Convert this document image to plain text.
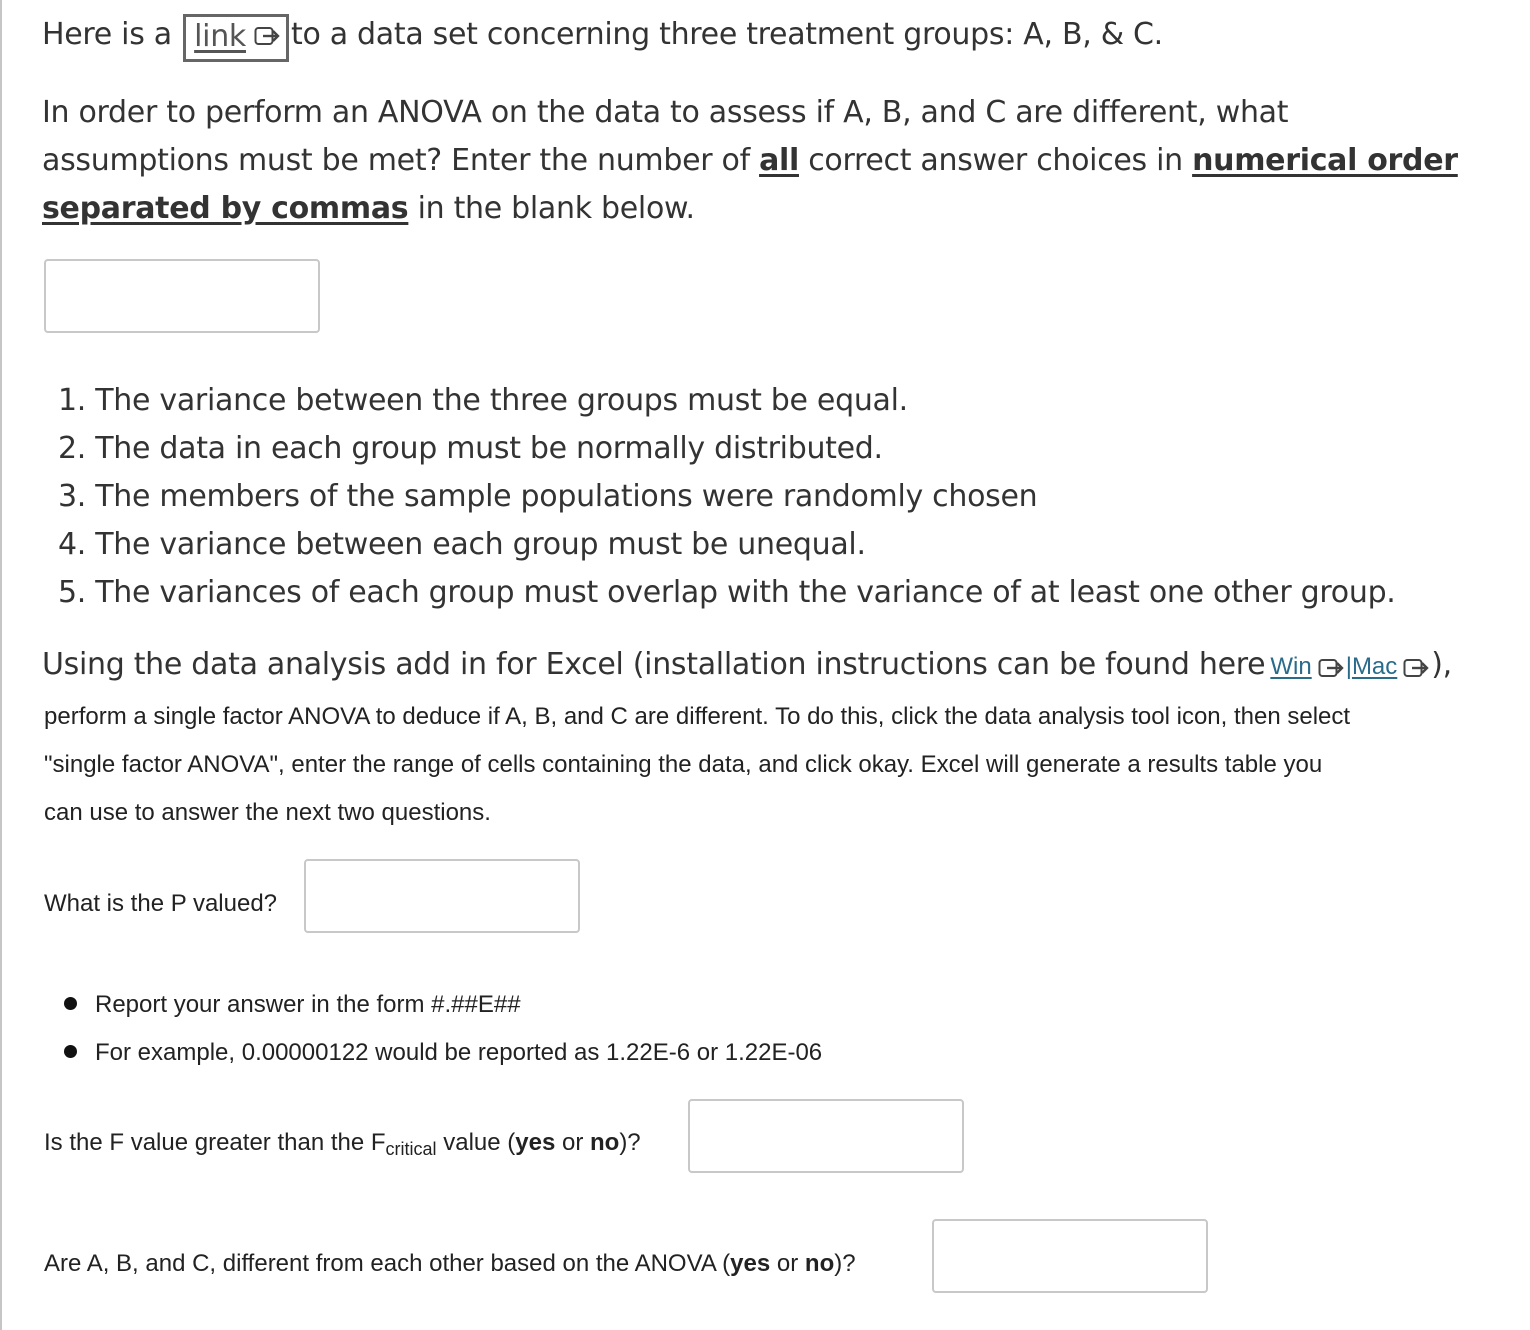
Here is a link to a data set concerning three treatment groups: A, B, & C.
In order to perform an ANOVA on the data to assess if A, B, and C are different, what
assumptions must be met? Enter the number of all correct answer choices in numerical order
separated by commas in the blank below.
1. The variance between the three groups must be equal.
2. The data in each group must be normally distributed.
3. The members of the sample populations were randomly chosen
4. The variance between each group must be unequal.
5. The variances of each group must overlap with the variance of at least one other group.
Using the data analysis add in for Excel (installation instructions can be found here Win |Mac ),
perform a single factor ANOVA to deduce if A, B, and C are different. To do this, click the data analysis tool icon, then select
"single factor ANOVA", enter the range of cells containing the data, and click okay. Excel will generate a results table you
can use to answer the next two questions.
What is the P valued?
Report your answer in the form #.##E##
For example, 0.00000122 would be reported as 1.22E-6 or 1.22E-06
Is the F value greater than the $F_{critical}$ value (yes or no)?
Are A, B, and C, different from each other based on the ANOVA (yes or no)?
